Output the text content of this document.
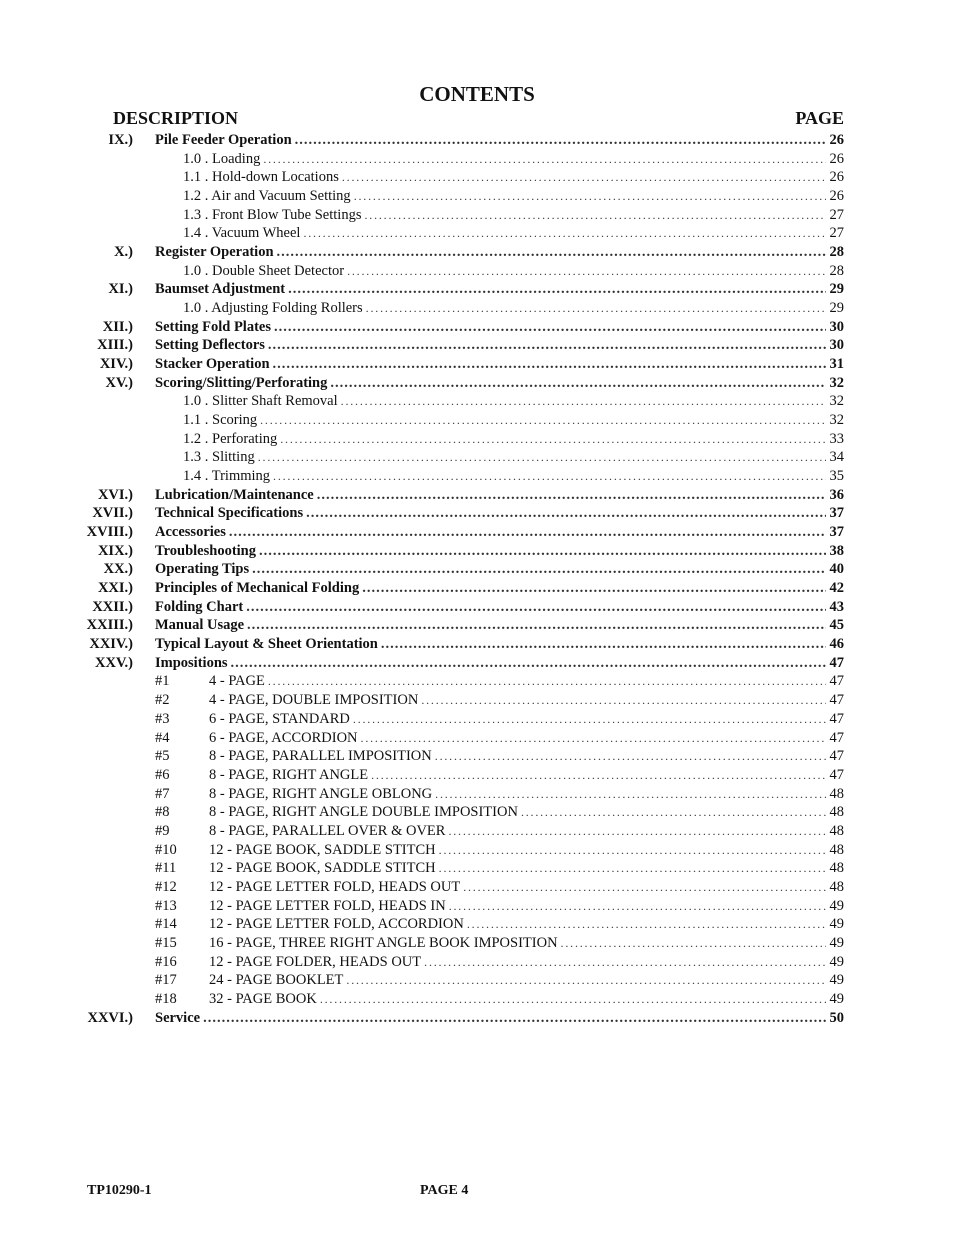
CONTENTS
DESCRIPTION	PAGE
IX.) Pile Feeder Operation .....	26
1.0 . Loading .....	26
1.1 . Hold-down Locations .....	26
1.2 . Air and Vacuum Setting .....	26
1.3 . Front Blow Tube Settings .....	27
1.4 . Vacuum Wheel .....	27
X.) Register Operation .....	28
1.0 . Double Sheet Detector .....	28
XI.) Baumset Adjustment .....	29
1.0 . Adjusting Folding Rollers .....	29
XII.) Setting Fold Plates .....	30
XIII.) Setting Deflectors .....	30
XIV.) Stacker Operation .....	31
XV.) Scoring/Slitting/Perforating .....	32
1.0 . Slitter Shaft Removal .....	32
1.1 . Scoring .....	32
1.2 . Perforating .....	33
1.3 . Slitting .....	34
1.4 . Trimming .....	35
XVI.) Lubrication/Maintenance .....	36
XVII.) Technical Specifications .....	37
XVIII.) Accessories .....	37
XIX.) Troubleshooting .....	38
XX.) Operating Tips .....	40
XXI.) Principles of Mechanical Folding .....	42
XXII.) Folding Chart .....	43
XXIII.) Manual Usage .....	45
XXIV.) Typical Layout & Sheet Orientation .....	46
XXV.) Impositions .....	47
#1	4 - PAGE .....	47
#2	4 - PAGE, DOUBLE IMPOSITION .....	47
#3	6 - PAGE, STANDARD .....	47
#4	6 - PAGE, ACCORDION .....	47
#5	8 - PAGE, PARALLEL IMPOSITION .....	47
#6	8 - PAGE, RIGHT ANGLE .....	47
#7	8 - PAGE, RIGHT ANGLE OBLONG .....	48
#8	8 - PAGE, RIGHT ANGLE DOUBLE IMPOSITION .....	48
#9	8 - PAGE, PARALLEL OVER & OVER .....	48
#10	12 - PAGE BOOK, SADDLE STITCH .....	48
#11	12 - PAGE BOOK, SADDLE STITCH .....	48
#12	12 - PAGE LETTER FOLD, HEADS OUT .....	48
#13	12 - PAGE LETTER FOLD, HEADS IN .....	49
#14	12 - PAGE LETTER FOLD, ACCORDION .....	49
#15	16 - PAGE, THREE RIGHT ANGLE BOOK IMPOSITION .....	49
#16	12 - PAGE FOLDER, HEADS OUT .....	49
#17	24 - PAGE BOOKLET .....	49
#18	32 - PAGE BOOK .....	49
XXVI.) Service .....	50
TP10290-1	PAGE 4
